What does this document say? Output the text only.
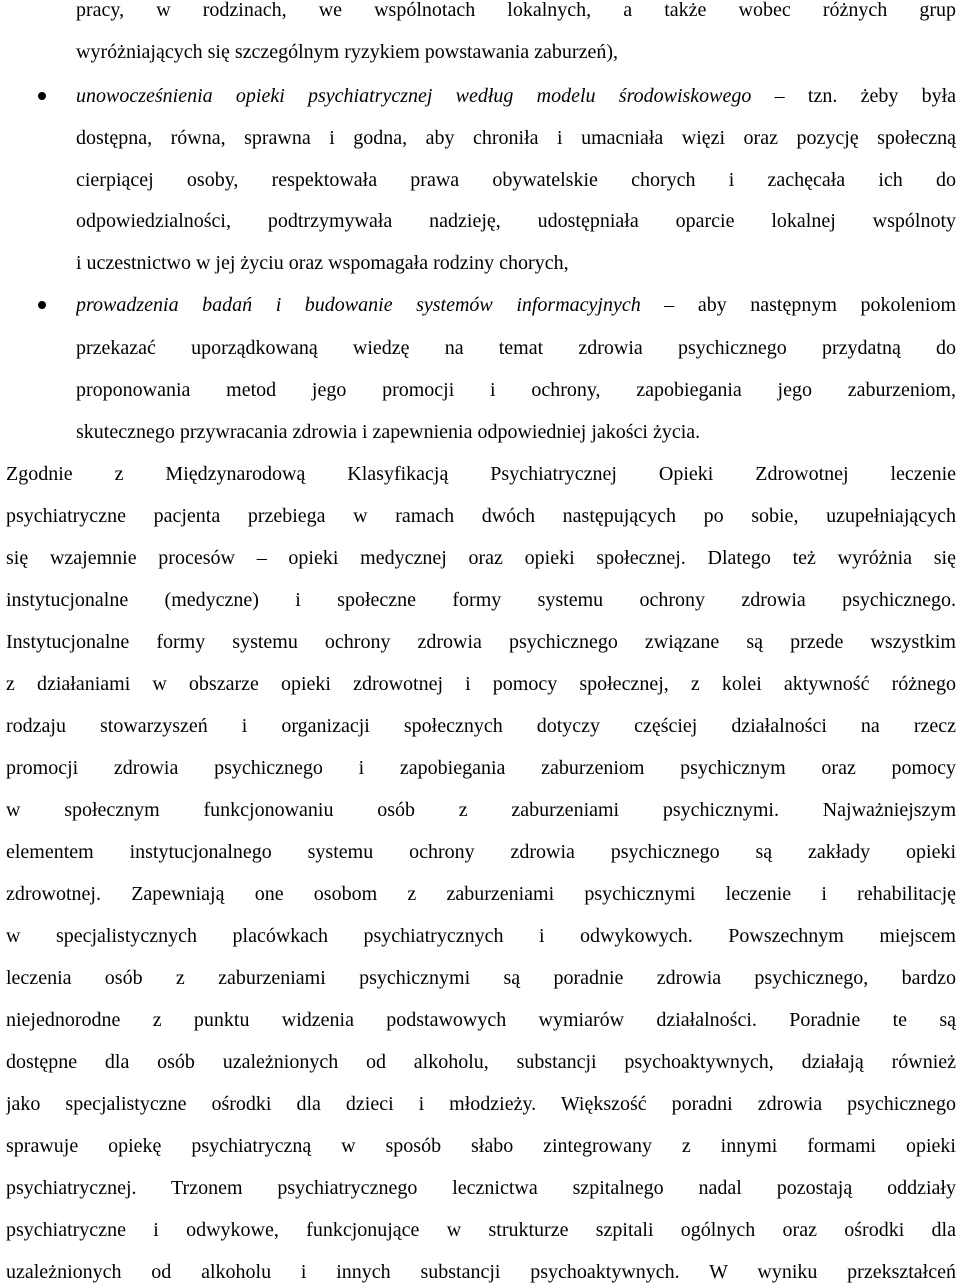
pracy, w rodzinach, we wspólnotach lokalnych, a także wobec różnych grup
wyróżniających się szczególnym ryzykiem powstawania zaburzeń),
unowocześnienia opieki psychiatrycznej według modelu środowiskowego – tzn. żeby była
dostępna, równa, sprawna i godna, aby chroniła i umacniała więzi oraz pozycję społeczną
cierpiącej osoby, respektowała prawa obywatelskie chorych i zachęcała ich do
odpowiedzialności, podtrzymywała nadzieję, udostępniała oparcie lokalnej wspólnoty
i uczestnictwo w jej życiu oraz wspomagała rodziny chorych,
prowadzenia badań i budowanie systemów informacyjnych – aby następnym pokoleniom
przekazać uporządkowaną wiedzę na temat zdrowia psychicznego przydatną do
proponowania metod jego promocji i ochrony, zapobiegania jego zaburzeniom,
skutecznego przywracania zdrowia i zapewnienia odpowiedniej jakości życia.
Zgodnie z Międzynarodową Klasyfikacją Psychiatrycznej Opieki Zdrowotnej leczenie
psychiatryczne pacjenta przebiega w ramach dwóch następujących po sobie, uzupełniających
się wzajemnie procesów – opieki medycznej oraz opieki społecznej. Dlatego też wyróżnia się
instytucjonalne (medyczne) i społeczne formy systemu ochrony zdrowia psychicznego.
Instytucjonalne formy systemu ochrony zdrowia psychicznego związane są przede wszystkim
z działaniami w obszarze opieki zdrowotnej i pomocy społecznej, z kolei aktywność różnego
rodzaju stowarzyszeń i organizacji społecznych dotyczy częściej działalności na rzecz
promocji zdrowia psychicznego i zapobiegania zaburzeniom psychicznym oraz pomocy
w społecznym funkcjonowaniu osób z zaburzeniami psychicznymi. Najważniejszym
elementem instytucjonalnego systemu ochrony zdrowia psychicznego są zakłady opieki
zdrowotnej. Zapewniają one osobom z zaburzeniami psychicznymi leczenie i rehabilitację
w specjalistycznych placówkach psychiatrycznych i odwykowych. Powszechnym miejscem
leczenia osób z zaburzeniami psychicznymi są poradnie zdrowia psychicznego, bardzo
niejednorodne z punktu widzenia podstawowych wymiarów działalności. Poradnie te są
dostępne dla osób uzależnionych od alkoholu, substancji psychoaktywnych, działają również
jako specjalistyczne ośrodki dla dzieci i młodzieży. Większość poradni zdrowia psychicznego
sprawuje opiekę psychiatryczną w sposób słabo zintegrowany z innymi formami opieki
psychiatrycznej. Trzonem psychiatrycznego lecznictwa szpitalnego nadal pozostają oddziały
psychiatryczne i odwykowe, funkcjonujące w strukturze szpitali ogólnych oraz ośrodki dla
uzależnionych od alkoholu i innych substancji psychoaktywnych. W wyniku przekształceń
